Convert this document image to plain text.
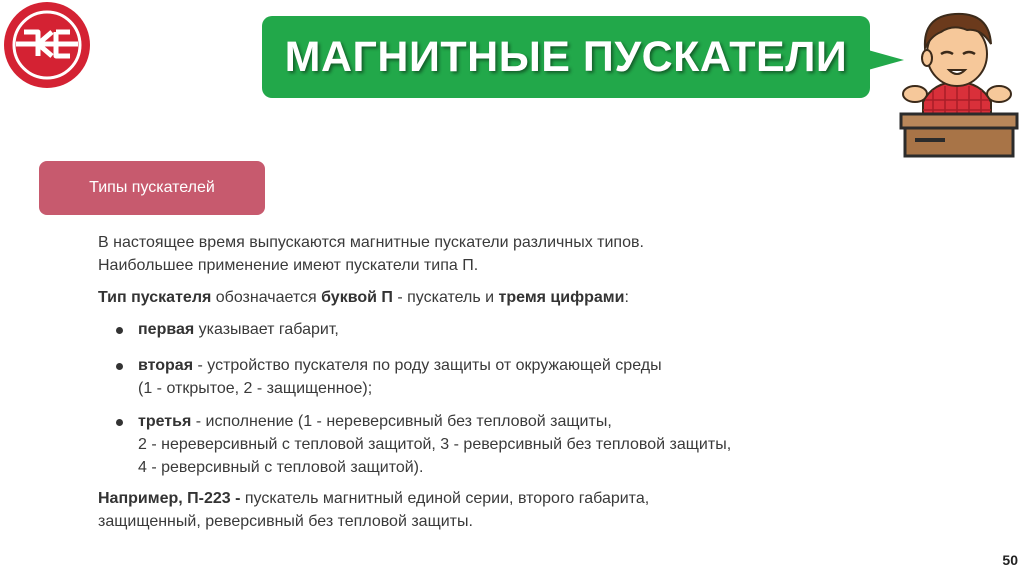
МАГНИТНЫЕ ПУСКАТЕЛИ
Типы пускателей

В настоящее время выпускаются магнитные пускатели различных типов.
Наибольшее применение имеют пускатели типа П.

Тип пускателя обозначается буквой П - пускатель и тремя цифрами:

первая указывает габарит,
вторая - устройство пускателя по роду защиты от окружающей среды
(1 - открытое, 2 - защищенное);
третья - исполнение (1 - нереверсивный без тепловой защиты,
2 - нереверсивный с тепловой защитой, 3 - реверсивный без тепловой защиты,
4 - реверсивный с тепловой защитой).

Например, П-223 - пускатель магнитный единой серии, второго габарита,
защищенный, реверсивный без тепловой защиты.

50
